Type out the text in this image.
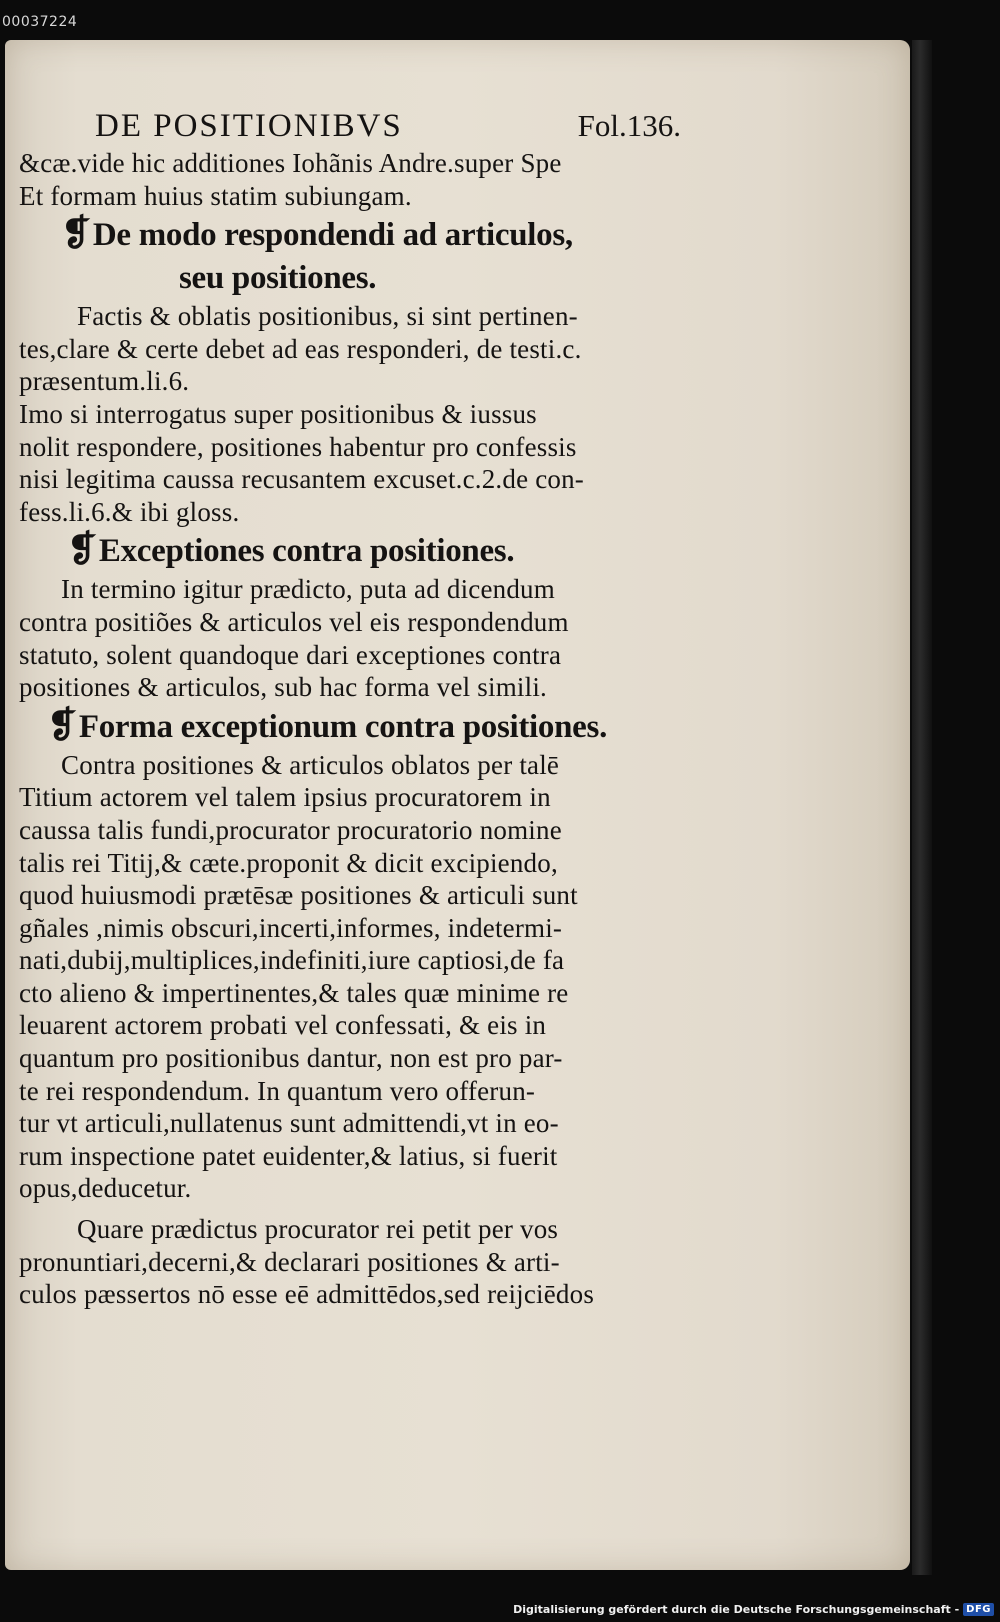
00037224
DE POSITIONIBVS	Fol.136.
&cæ.vide hic additiones Iohãnis Andre.super Spe
Et formam huius statim subiungam.
❡De modo respondendi ad articulos,
seu positiones.
Factis & oblatis positionibus, si sint pertinen-
tes,clare & certe debet ad eas responderi, de testi.c.
præsentum.li.6.
Imo si interrogatus super positionibus & iussus
nolit respondere, positiones habentur pro confessis
nisi legitima caussa recusantem excuset.c.2.de con-
fess.li.6.& ibi gloss.
❡Exceptiones contra positiones.
In termino igitur prædicto, puta ad dicendum
contra positiões & articulos vel eis respondendum
statuto, solent quandoque dari exceptiones contra
positiones & articulos, sub hac forma vel simili.
❡Forma exceptionum contra positiones.
Contra positiones & articulos oblatos per talē
Titium actorem vel talem ipsius procuratorem in
caussa talis fundi,procurator procuratorio nomine
talis rei Titij,& cæte.proponit & dicit excipiendo,
quod huiusmodi prætēsæ positiones & articuli sunt
gñales ,nimis obscuri,incerti,informes, indetermi-
nati,dubij,multiplices,indefiniti,iure captiosi,de fa
cto alieno & impertinentes,& tales quæ minime re
leuarent actorem probati vel confessati, & eis in
quantum pro positionibus dantur, non est pro par-
te rei respondendum. In quantum vero offerun-
tur vt articuli,nullatenus sunt admittendi,vt in eo-
rum inspectione patet euidenter,& latius, si fuerit
opus,deducetur.
Quare prædictus procurator rei petit per vos
pronuntiari,decerni,& declarari positiones & arti-
culos pæssertos nō esse eē admittēdos,sed reijciēdos
Digitalisierung gefördert durch die Deutsche Forschungsgemeinschaft - DFG
